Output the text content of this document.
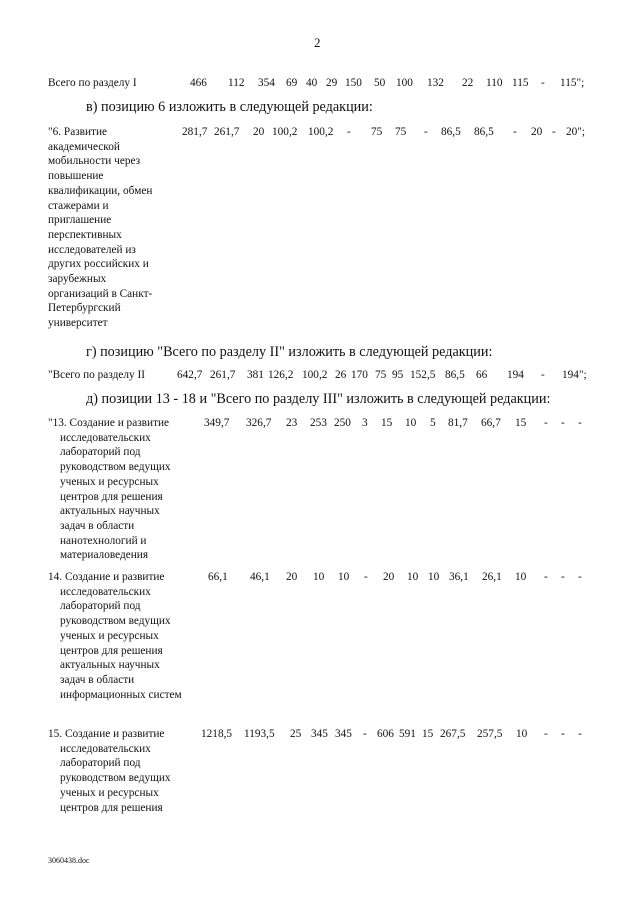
2
Всего по разделу I	466 112 354 69 40 29 150 50 100 132 22 110 115 - 115";
в) позицию 6 изложить в следующей редакции:
"6. Развитие
академической
мобильности через
повышение
квалификации, обмен
стажерами и
приглашение
перспективных
исследователей из
других российских и
зарубежных
организаций в Санкт-
Петербургский
университет
281,7 261,7 20 100,2 100,2 - 75 75 - 86,5 86,5 - 20 - 20";
г) позицию "Всего по разделу II" изложить в следующей редакции:
"Всего по разделу II	642,7 261,7 381 126,2 100,2 26 170 75 95 152,5 86,5 66 194 - 194";
д) позиции 13 - 18 и "Всего по разделу III" изложить в следующей редакции:
"13. Создание и развитие
исследовательских
лабораторий под
руководством ведущих
ученых и ресурсных
центров для решения
актуальных научных
задач в области
нанотехнологий и
материаловедения
349,7 326,7 23 253 250 3 15 10 5 81,7 66,7 15 - - -
14. Создание и развитие
исследовательских
лабораторий под
руководством ведущих
ученых и ресурсных
центров для решения
актуальных научных
задач в области
информационных систем
66,1 46,1 20 10 10 - 20 10 10 36,1 26,1 10 - - -
15. Создание и развитие
исследовательских
лабораторий под
руководством ведущих
ученых и ресурсных
центров для решения
1218,5 1193,5 25 345 345 - 606 591 15 267,5 257,5 10 - - -
3060438.doc
